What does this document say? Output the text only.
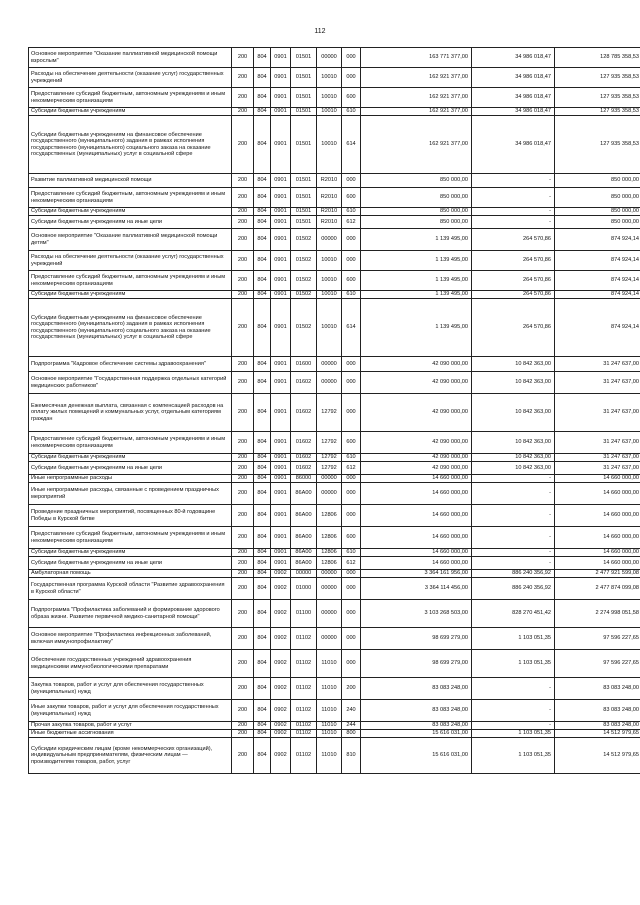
112
Основное мероприятие "Оказание паллиативной медицинской помощи взрослым"	200	804	0901	01501	00000	000	163 771 377,00	34 986 018,47	128 785 358,53
Расходы на обеспечение деятельности (оказание услуг) государственных учреждений	200	804	0901	01501	10010	000	162 921 377,00	34 986 018,47	127 935 358,53
Предоставление субсидий бюджетным, автономным учреждениям и иным некоммерческим организациям	200	804	0901	01501	10010	600	162 921 377,00	34 986 018,47	127 935 358,53
Субсидии бюджетным учреждениям	200	804	0901	01501	10010	610	162 921 377,00	34 986 018,47	127 935 358,53
Субсидии бюджетным учреждениям на финансовое обеспечение государственного (муниципального) задания в рамках исполнения государственного (муниципального) социального заказа на оказание государственных (муниципальных) услуг в социальной сфере	200	804	0901	01501	10010	614	162 921 377,00	34 986 018,47	127 935 358,53
Развитие паллиативной медицинской помощи	200	804	0901	01501	R2010	000	850 000,00	-	850 000,00
Предоставление субсидий бюджетным, автономным учреждениям и иным некоммерческим организациям	200	804	0901	01501	R2010	600	850 000,00	-	850 000,00
Субсидии бюджетным учреждениям	200	804	0901	01501	R2010	610	850 000,00	-	850 000,00
Субсидии бюджетным учреждениям на иные цели	200	804	0901	01501	R2010	612	850 000,00	-	850 000,00
Основное мероприятие "Оказание паллиативной медицинской помощи детям"	200	804	0901	01502	00000	000	1 139 495,00	264 570,86	874 924,14
Расходы на обеспечение деятельности (оказание услуг) государственных учреждений	200	804	0901	01502	10010	000	1 139 495,00	264 570,86	874 924,14
Предоставление субсидий бюджетным, автономным учреждениям и иным некоммерческим организациям	200	804	0901	01502	10010	600	1 139 495,00	264 570,86	874 924,14
Субсидии бюджетным учреждениям	200	804	0901	01502	10010	610	1 139 495,00	264 570,86	874 924,14
Субсидии бюджетным учреждениям на финансовое обеспечение государственного (муниципального) задания в рамках исполнения государственного (муниципального) социального заказа на оказание государственных (муниципальных) услуг в социальной сфере	200	804	0901	01502	10010	614	1 139 495,00	264 570,86	874 924,14
Подпрограмма "Кадровое обеспечение системы здравоохранения"	200	804	0901	01600	00000	000	42 090 000,00	10 842 363,00	31 247 637,00
Основное мероприятие "Государственная поддержка отдельных категорий медицинских работников"	200	804	0901	01602	00000	000	42 090 000,00	10 842 363,00	31 247 637,00
Ежемесячная денежная выплата, связанная с компенсацией расходов на оплату жилых помещений и коммунальных услуг, отдельным категориям граждан	200	804	0901	01602	12792	000	42 090 000,00	10 842 363,00	31 247 637,00
Предоставление субсидий бюджетным, автономным учреждениям и иным некоммерческим организациям	200	804	0901	01602	12792	600	42 090 000,00	10 842 363,00	31 247 637,00
Субсидии бюджетным учреждениям	200	804	0901	01602	12792	610	42 090 000,00	10 842 363,00	31 247 637,00
Субсидии бюджетным учреждениям на иные цели	200	804	0901	01602	12792	612	42 090 000,00	10 842 363,00	31 247 637,00
Иные непрограммные расходы	200	804	0901	86000	00000	000	14 660 000,00	-	14 660 000,00
Иные непрограммные расходы, связанные с проведением праздничных мероприятий	200	804	0901	86А00	00000	000	14 660 000,00	-	14 660 000,00
Проведение праздничных мероприятий, посвященных 80-й годовщине Победы в Курской битве	200	804	0901	86А00	12806	000	14 660 000,00	-	14 660 000,00
Предоставление субсидий бюджетным, автономным учреждениям и иным некоммерческим организациям	200	804	0901	86А00	12806	600	14 660 000,00	-	14 660 000,00
Субсидии бюджетным учреждениям	200	804	0901	86А00	12806	610	14 660 000,00	-	14 660 000,00
Субсидии бюджетным учреждениям на иные цели	200	804	0901	86А00	12806	612	14 660 000,00	-	14 660 000,00
Амбулаторная помощь	200	804	0902	00000	00000	000	3 364 161 956,00	886 240 356,92	2 477 921 599,08
Государственная программа Курской области "Развитие здравоохранения в Курской области"	200	804	0902	01000	00000	000	3 364 114 456,00	886 240 356,92	2 477 874 099,08
Подпрограмма "Профилактика заболеваний и формирование здорового образа жизни. Развитие первичной медико-санитарной помощи"	200	804	0902	01100	00000	000	3 103 268 503,00	828 270 451,42	2 274 998 051,58
Основное мероприятие "Профилактика инфекционных заболеваний, включая иммунопрофилактику"	200	804	0902	01102	00000	000	98 699 279,00	1 103 051,35	97 596 227,65
Обеспечение государственных учреждений здравоохранения медицинскими иммунобиологическими препаратами	200	804	0902	01102	11010	000	98 699 279,00	1 103 051,35	97 596 227,65
Закупка товаров, работ и услуг для обеспечения государственных (муниципальных) нужд	200	804	0902	01102	11010	200	83 083 248,00	-	83 083 248,00
Иные закупки товаров, работ и услуг для обеспечения государственных (муниципальных) нужд	200	804	0902	01102	11010	240	83 083 248,00	-	83 083 248,00
Прочая закупка товаров, работ и услуг	200	804	0902	01102	11010	244	83 083 248,00	-	83 083 248,00
Иные бюджетные ассигнования	200	804	0902	01102	11010	800	15 616 031,00	1 103 051,35	14 512 979,65
Субсидии юридическим лицам (кроме некоммерческих организаций), индивидуальным предпринимателям, физическим лицам — производителям товаров, работ, услуг	200	804	0902	01102	11010	810	15 616 031,00	1 103 051,35	14 512 979,65
